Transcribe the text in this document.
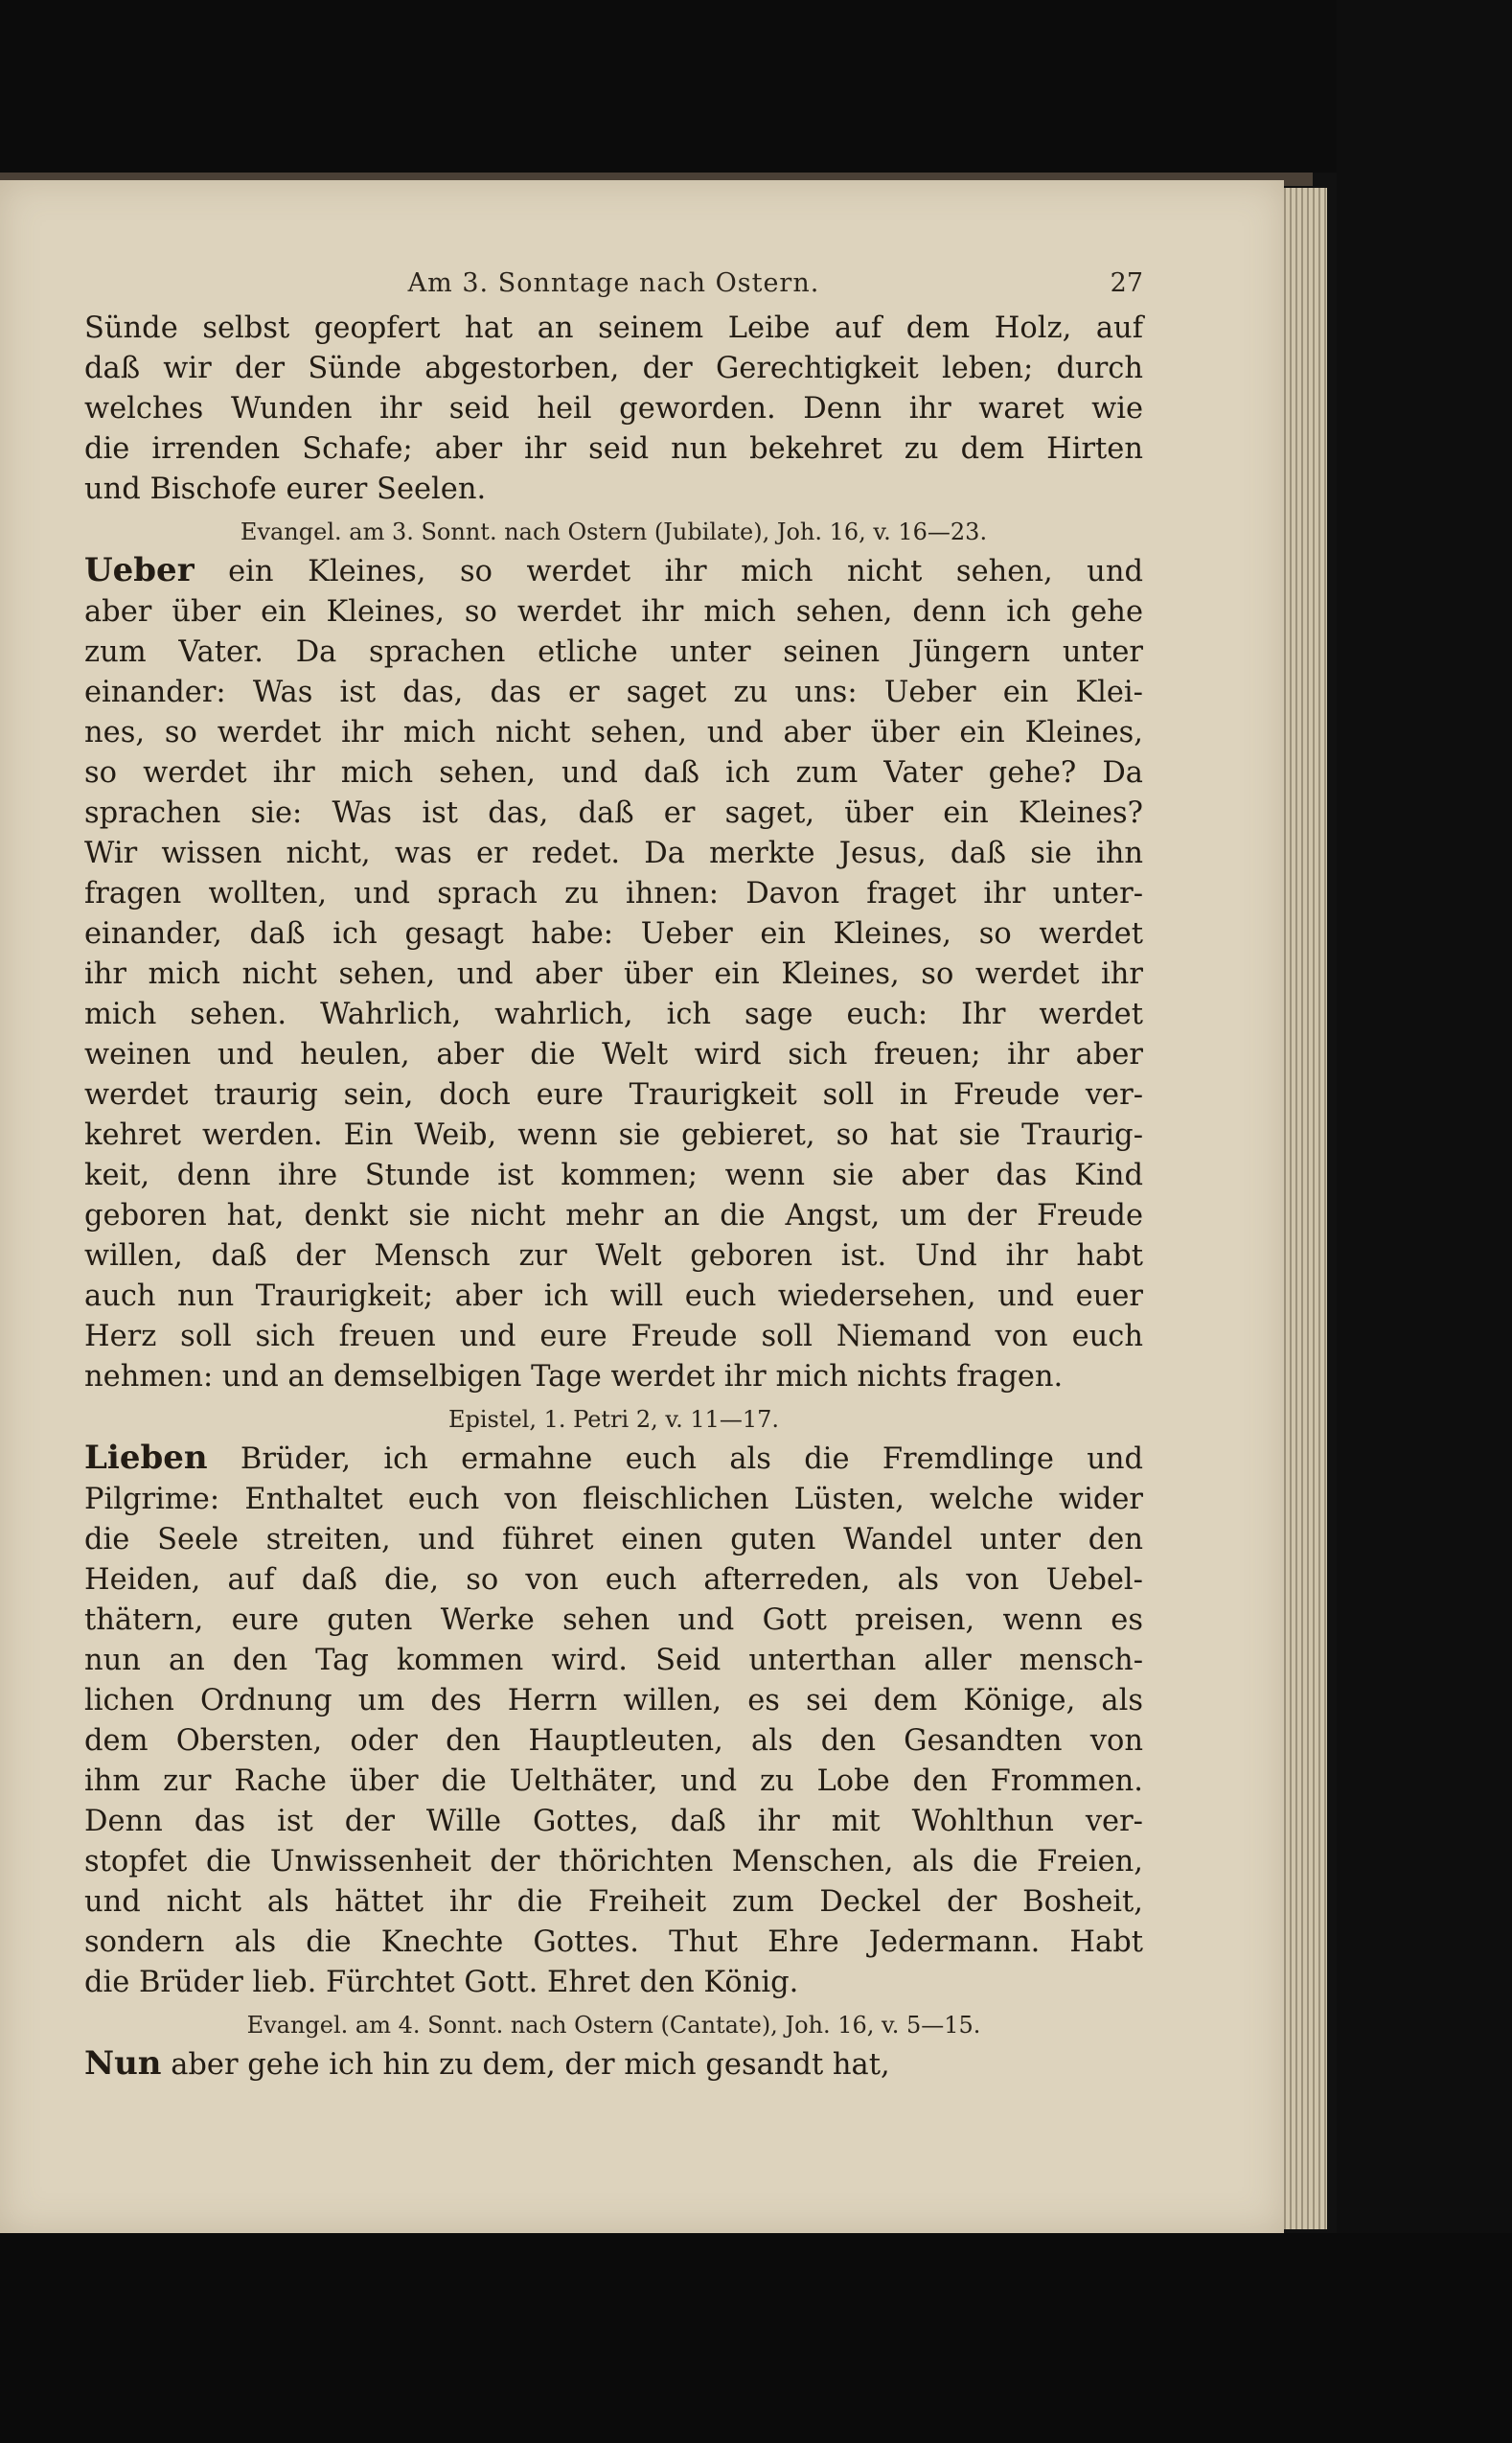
Am 3. Sonntage nach Ostern.	27

Sünde selbst geopfert hat an seinem Leibe auf dem Holz, auf

daß wir der Sünde abgestorben, der Gerechtigkeit leben; durch

welches Wunden ihr seid heil geworden. Denn ihr waret wie

die irrenden Schafe; aber ihr seid nun bekehret zu dem Hirten

und Bischofe eurer Seelen.

Evangel. am 3. Sonnt. nach Ostern (Jubilate), Joh. 16, v. 16—23.

Ueber ein Kleines, so werdet ihr mich nicht sehen, und

aber über ein Kleines, so werdet ihr mich sehen, denn ich gehe

zum Vater. Da sprachen etliche unter seinen Jüngern unter

einander: Was ist das, das er saget zu uns: Ueber ein Klei-

nes, so werdet ihr mich nicht sehen, und aber über ein Kleines,

so werdet ihr mich sehen, und daß ich zum Vater gehe? Da

sprachen sie: Was ist das, daß er saget, über ein Kleines?

Wir wissen nicht, was er redet. Da merkte Jesus, daß sie ihn

fragen wollten, und sprach zu ihnen: Davon fraget ihr unter-

einander, daß ich gesagt habe: Ueber ein Kleines, so werdet

ihr mich nicht sehen, und aber über ein Kleines, so werdet ihr

mich sehen. Wahrlich, wahrlich, ich sage euch: Ihr werdet

weinen und heulen, aber die Welt wird sich freuen; ihr aber

werdet traurig sein, doch eure Traurigkeit soll in Freude ver-

kehret werden. Ein Weib, wenn sie gebieret, so hat sie Traurig-

keit, denn ihre Stunde ist kommen; wenn sie aber das Kind

geboren hat, denkt sie nicht mehr an die Angst, um der Freude

willen, daß der Mensch zur Welt geboren ist. Und ihr habt

auch nun Traurigkeit; aber ich will euch wiedersehen, und euer

Herz soll sich freuen und eure Freude soll Niemand von euch

nehmen: und an demselbigen Tage werdet ihr mich nichts fragen.

Epistel, 1. Petri 2, v. 11—17.

Lieben Brüder, ich ermahne euch als die Fremdlinge und

Pilgrime: Enthaltet euch von fleischlichen Lüsten, welche wider

die Seele streiten, und führet einen guten Wandel unter den

Heiden, auf daß die, so von euch afterreden, als von Uebel-

thätern, eure guten Werke sehen und Gott preisen, wenn es

nun an den Tag kommen wird. Seid unterthan aller mensch-

lichen Ordnung um des Herrn willen, es sei dem Könige, als

dem Obersten, oder den Hauptleuten, als den Gesandten von

ihm zur Rache über die Uelthäter, und zu Lobe den Frommen.

Denn das ist der Wille Gottes, daß ihr mit Wohlthun ver-

stopfet die Unwissenheit der thörichten Menschen, als die Freien,

und nicht als hättet ihr die Freiheit zum Deckel der Bosheit,

sondern als die Knechte Gottes. Thut Ehre Jedermann. Habt

die Brüder lieb. Fürchtet Gott. Ehret den König.

Evangel. am 4. Sonnt. nach Ostern (Cantate), Joh. 16, v. 5—15.

Nun aber gehe ich hin zu dem, der mich gesandt hat,
